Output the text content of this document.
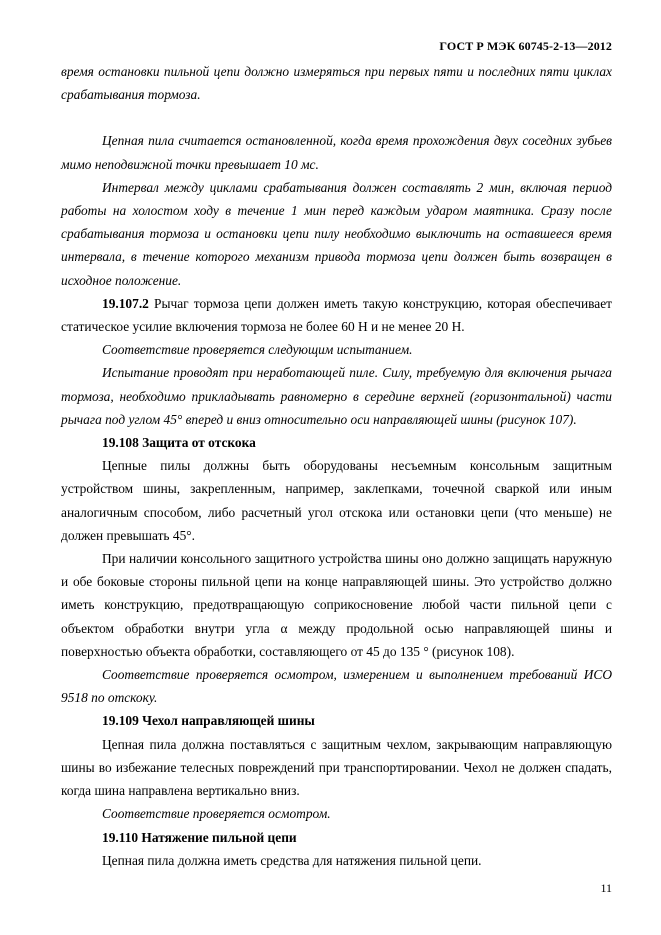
ГОСТ Р МЭК 60745-2-13—2012

время остановки пильной цепи должно измеряться при первых пяти и последних пяти циклах срабатывания тормоза.

Цепная пила считается остановленной, когда время прохождения двух соседних зубьев мимо неподвижной точки превышает 10 мс.

Интервал между циклами срабатывания должен составлять 2 мин, включая период работы на холостом ходу в течение 1 мин перед каждым ударом маятника. Сразу после срабатывания тормоза и остановки цепи пилу необходимо выключить на оставшееся время интервала, в течение которого механизм привода тормоза цепи должен быть возвращен в исходное положение.

19.107.2 Рычаг тормоза цепи должен иметь такую конструкцию, которая обеспечивает статическое усилие включения тормоза не более 60 Н и не менее 20 Н.

Соответствие проверяется следующим испытанием.

Испытание проводят при неработающей пиле. Силу, требуемую для включения рычага тормоза, необходимо прикладывать равномерно в середине верхней (горизонтальной) части рычага под углом 45° вперед и вниз относительно оси направляющей шины (рисунок 107).

19.108 Защита от отскока

Цепные пилы должны быть оборудованы несъемным консольным защитным устройством шины, закрепленным, например, заклепками, точечной сваркой или иным аналогичным способом, либо расчетный угол отскока или остановки цепи (что меньше) не должен превышать 45°.

При наличии консольного защитного устройства шины оно должно защищать наружную и обе боковые стороны пильной цепи на конце направляющей шины. Это устройство должно иметь конструкцию, предотвращающую соприкосновение любой части пильной цепи с объектом обработки внутри угла α между продольной осью направляющей шины и поверхностью объекта обработки, составляющего от 45 до 135 ° (рисунок 108).

Соответствие проверяется осмотром, измерением и выполнением требований ИСО 9518 по отскоку.

19.109 Чехол направляющей шины

Цепная пила должна поставляться с защитным чехлом, закрывающим направляющую шины во избежание телесных повреждений при транспортировании. Чехол не должен спадать, когда шина направлена вертикально вниз.

Соответствие проверяется осмотром.

19.110 Натяжение пильной цепи

Цепная пила должна иметь средства для натяжения пильной цепи.

11
